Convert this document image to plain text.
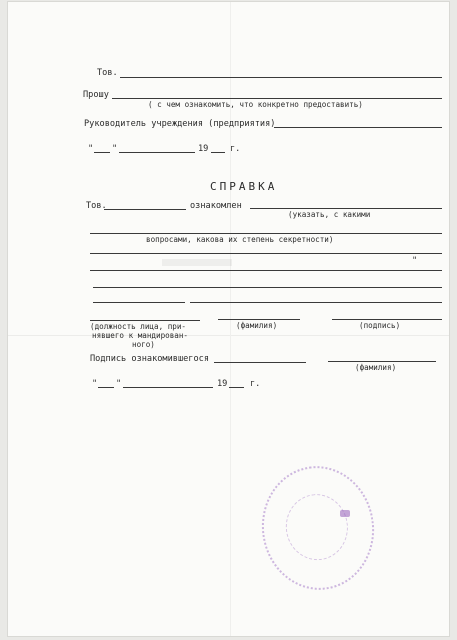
Тов.
Прошу
( с чем ознакомить, что конкретно предоставить)
Руководитель учреждения (предприятия)
" "	19	г.
СПРАВКА
Тов.	ознакомлен
(указать, с какими
вопросами, какова их степень секретности)
"
(должность лица, при-
нявшего к мандирован-
ного)
(фамилия)	(подпись)
Подпись ознакомившегося
(фамилия)
" "	19	г.
